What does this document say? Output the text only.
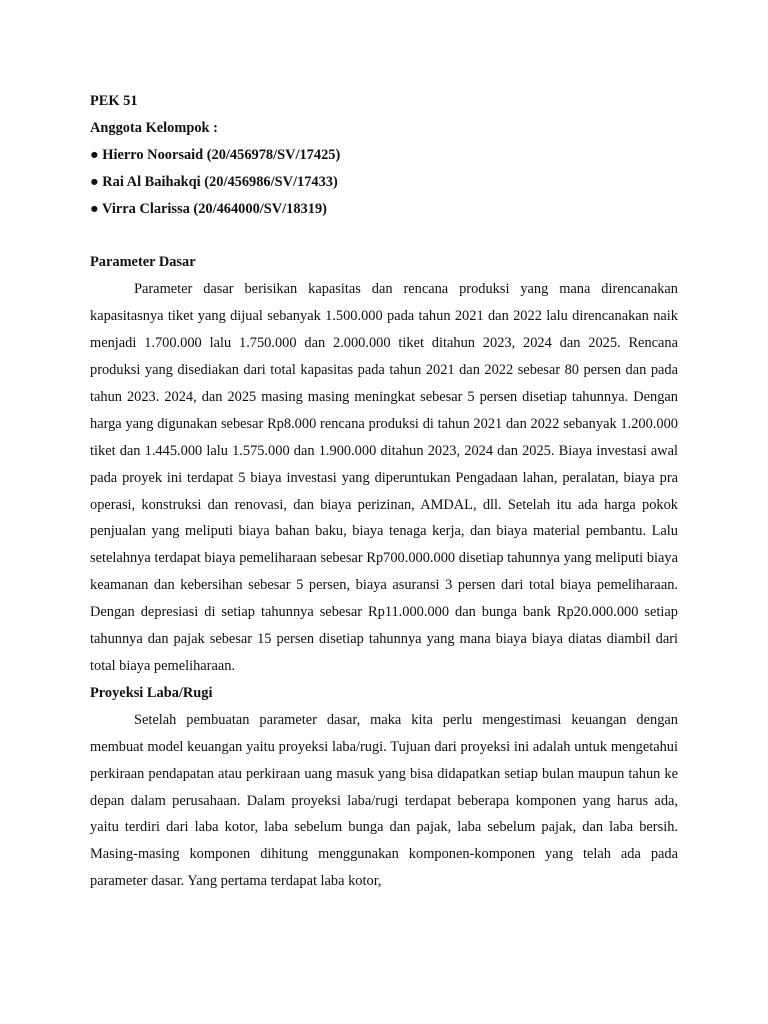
PEK 51
Anggota Kelompok :
● Hierro Noorsaid (20/456978/SV/17425)
● Rai Al Baihakqi (20/456986/SV/17433)
● Virra Clarissa (20/464000/SV/18319)
Parameter Dasar

Parameter dasar berisikan kapasitas dan rencana produksi yang mana direncanakan kapasitasnya tiket yang dijual sebanyak 1.500.000 pada tahun 2021 dan 2022 lalu direncanakan naik menjadi 1.700.000 lalu 1.750.000 dan 2.000.000 tiket ditahun 2023, 2024 dan 2025. Rencana produksi yang disediakan dari total kapasitas pada tahun 2021 dan 2022 sebesar 80 persen dan pada tahun 2023. 2024, dan 2025 masing masing meningkat sebesar 5 persen disetiap tahunnya. Dengan harga yang digunakan sebesar Rp8.000 rencana produksi di tahun 2021 dan 2022 sebanyak 1.200.000 tiket dan 1.445.000 lalu 1.575.000 dan 1.900.000 ditahun 2023, 2024 dan 2025. Biaya investasi awal pada proyek ini terdapat 5 biaya investasi yang diperuntukan Pengadaan lahan, peralatan, biaya pra operasi, konstruksi dan renovasi, dan biaya perizinan, AMDAL, dll. Setelah itu ada harga pokok penjualan yang meliputi biaya bahan baku, biaya tenaga kerja, dan biaya material pembantu. Lalu setelahnya terdapat biaya pemeliharaan sebesar Rp700.000.000 disetiap tahunnya yang meliputi biaya keamanan dan kebersihan sebesar 5 persen, biaya asuransi 3 persen dari total biaya pemeliharaan. Dengan depresiasi di setiap tahunnya sebesar Rp11.000.000 dan bunga bank Rp20.000.000 setiap tahunnya dan pajak sebesar 15 persen disetiap tahunnya yang mana biaya biaya diatas diambil dari total biaya pemeliharaan.

Proyeksi Laba/Rugi

Setelah pembuatan parameter dasar, maka kita perlu mengestimasi keuangan dengan membuat model keuangan yaitu proyeksi laba/rugi. Tujuan dari proyeksi ini adalah untuk mengetahui perkiraan pendapatan atau perkiraan uang masuk yang bisa didapatkan setiap bulan maupun tahun ke depan dalam perusahaan. Dalam proyeksi laba/rugi terdapat beberapa komponen yang harus ada, yaitu terdiri dari laba kotor, laba sebelum bunga dan pajak, laba sebelum pajak, dan laba bersih. Masing-masing komponen dihitung menggunakan komponen-komponen yang telah ada pada parameter dasar. Yang pertama terdapat laba kotor,
